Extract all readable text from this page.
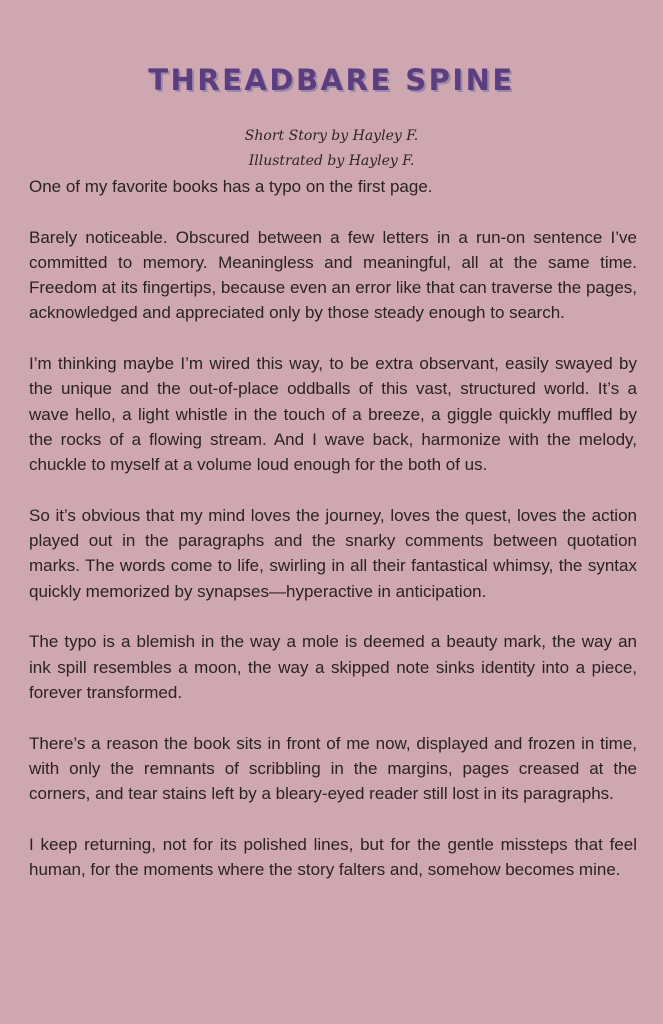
THREADBARE SPINE

Short Story by Hayley F.

Illustrated by Hayley F.

One of my favorite books has a typo on the first page.

Barely noticeable. Obscured between a few letters in a run-on sentence I’ve committed to memory. Meaningless and meaningful, all at the same time. Freedom at its fingertips, because even an error like that can traverse the pages, acknowledged and appreciated only by those steady enough to search.

I’m thinking maybe I’m wired this way, to be extra observant, easily swayed by the unique and the out-of-place oddballs of this vast, structured world. It’s a wave hello, a light whistle in the touch of a breeze, a giggle quickly muffled by the rocks of a flowing stream. And I wave back, harmonize with the melody, chuckle to myself at a volume loud enough for the both of us.

So it’s obvious that my mind loves the journey, loves the quest, loves the action played out in the paragraphs and the snarky comments between quotation marks. The words come to life, swirling in all their fantastical whimsy, the syntax quickly memorized by synapses—hyperactive in anticipation.

The typo is a blemish in the way a mole is deemed a beauty mark, the way an ink spill resembles a moon, the way a skipped note sinks identity into a piece, forever transformed.

There’s a reason the book sits in front of me now, displayed and frozen in time, with only the remnants of scribbling in the margins, pages creased at the corners, and tear stains left by a bleary-eyed reader still lost in its paragraphs.

I keep returning, not for its polished lines, but for the gentle missteps that feel human, for the moments where the story falters and, somehow becomes mine.
